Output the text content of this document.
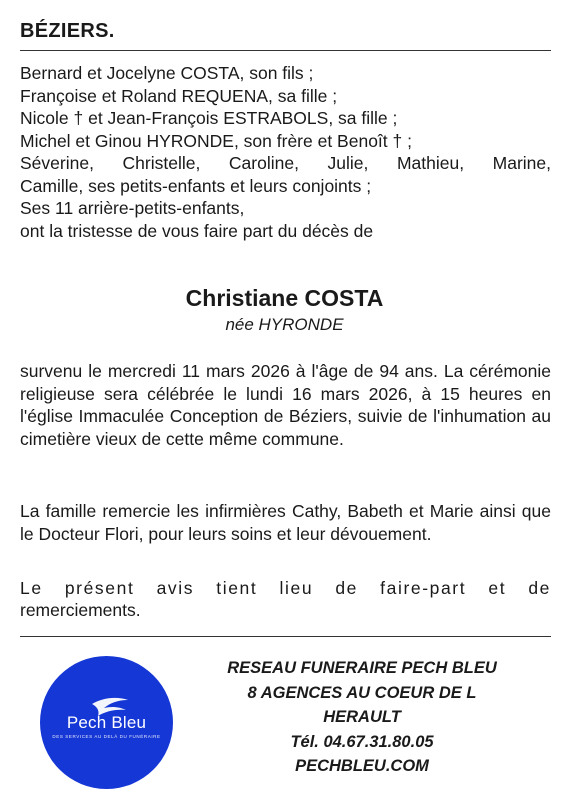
BÉZIERS.
Bernard et Jocelyne COSTA, son fils ;
Françoise et Roland REQUENA, sa fille ;
Nicole † et Jean-François ESTRABOLS, sa fille ;
Michel et Ginou HYRONDE, son frère et Benoît † ;
Séverine, Christelle, Caroline, Julie, Mathieu, Marine,
Camille, ses petits-enfants et leurs conjoints ;
Ses 11 arrière-petits-enfants,
ont la tristesse de vous faire part du décès de
Christiane COSTA
née HYRONDE
survenu le mercredi 11 mars 2026 à l'âge de 94 ans. La cérémonie religieuse sera célébrée le lundi 16 mars 2026, à 15 heures en l'église Immaculée Conception de Béziers, suivie de l'inhumation au cimetière vieux de cette même commune.
La famille remercie les infirmières Cathy, Babeth et Marie ainsi que le Docteur Flori, pour leurs soins et leur dévouement.
Le présent avis tient lieu de faire-part et de
remerciements.
Pech Bleu
DES SERVICES AU DELÀ DU FUNÉRAIRE
RESEAU FUNERAIRE PECH BLEU
8 AGENCES AU COEUR DE L
HERAULT
Tél. 04.67.31.80.05
PECHBLEU.COM
